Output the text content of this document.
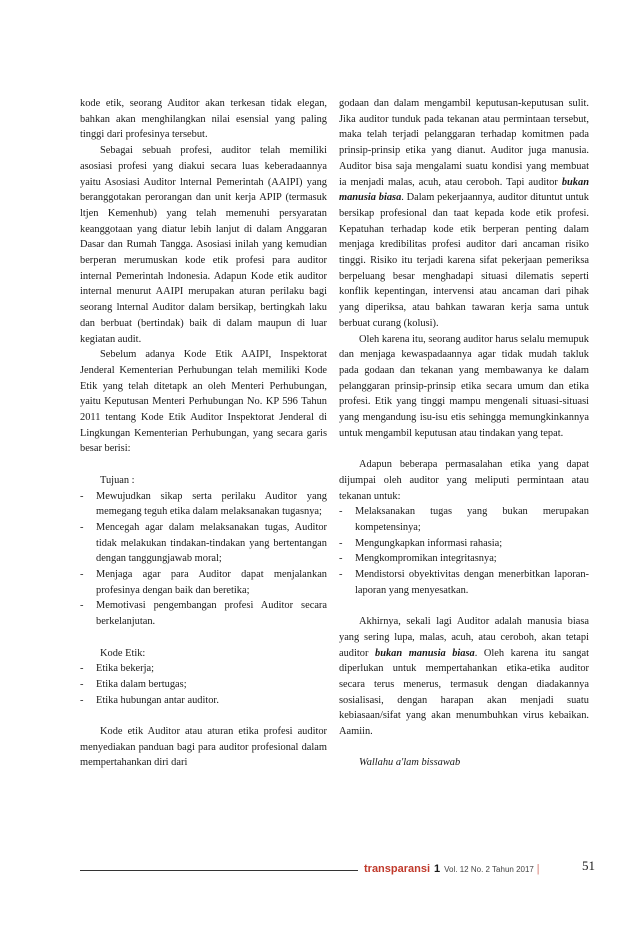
kode etik, seorang Auditor akan terkesan tidak elegan, bahkan akan menghilangkan nilai esensial yang paling tinggi dari profesinya tersebut.

Sebagai sebuah profesi, auditor telah memiliki asosiasi profesi yang diakui secara luas keberadaannya yaitu Asosiasi Auditor lnternal Pemerintah (AAIPI) yang beranggotakan perorangan dan unit kerja APIP (termasuk ltjen Kemenhub) yang telah memenuhi persyaratan keanggotaan yang diatur lebih lanjut di dalam Anggaran Dasar dan Rumah Tangga. Asosiasi inilah yang kemudian berperan merumuskan kode etik profesi para auditor internal Pemerintah lndonesia. Adapun Kode etik auditor internal menurut AAIPI merupakan aturan perilaku bagi seorang lnternal Auditor dalam bersikap, bertingkah laku dan berbuat (bertindak) baik di dalam maupun di luar kegiatan audit.

Sebelum adanya Kode Etik AAIPI, Inspektorat Jenderal Kementerian Perhubungan telah memiliki Kode Etik yang telah ditetapk an oleh Menteri Perhubungan, yaitu Keputusan Menteri Perhubungan No. KP 596 Tahun 2011 tentang Kode Etik Auditor Inspektorat Jenderal di Lingkungan Kementerian Perhubungan, yang secara garis besar berisi:

Tujuan :
- Mewujudkan sikap serta perilaku Auditor yang memegang teguh etika dalam melaksanakan tugasnya;
- Mencegah agar dalam melaksanakan tugas, Auditor tidak melakukan tindakan-tindakan yang bertentangan dengan tanggungjawab moral;
- Menjaga agar para Auditor dapat menjalankan profesinya dengan baik dan beretika;
- Memotivasi pengembangan profesi Auditor secara berkelanjutan.
Kode Etik:
- Etika bekerja;
- Etika dalam bertugas;
- Etika hubungan antar auditor.

Kode etik Auditor atau aturan etika profesi auditor menyediakan panduan bagi para auditor profesional dalam mempertahankan diri dari

godaan dan dalam mengambil keputusan-keputusan sulit. Jika auditor tunduk pada tekanan atau permintaan tersebut, maka telah terjadi pelanggaran terhadap komitmen pada prinsip-prinsip etika yang dianut. Auditor juga manusia. Auditor bisa saja mengalami suatu kondisi yang membuat ia menjadi malas, acuh, atau ceroboh. Tapi auditor bukan manusia biasa. Dalam pekerjaannya, auditor dituntut untuk bersikap profesional dan taat kepada kode etik profesi. Kepatuhan terhadap kode etik berperan penting dalam menjaga kredibilitas profesi auditor dari ancaman risiko tinggi. Risiko itu terjadi karena sifat pekerjaan pemeriksa berpeluang besar menghadapi situasi dilematis seperti konflik kepentingan, intervensi atau ancaman dari pihak yang diperiksa, atau bahkan tawaran kerja sama untuk berbuat curang (kolusi).

Oleh karena itu, seorang auditor harus selalu memupuk dan menjaga kewaspadaannya agar tidak mudah takluk pada godaan dan tekanan yang membawanya ke dalam pelanggaran prinsip-prinsip etika secara umum dan etika profesi. Etik yang tinggi mampu mengenali situasi-situasi yang mengandung isu-isu etis sehingga memungkinkannya untuk mengambil keputusan atau tindakan yang tepat.

Adapun beberapa permasalahan etika yang dapat dijumpai oleh auditor yang meliputi permintaan atau tekanan untuk:

- Melaksanakan tugas yang bukan merupakan kompetensinya;
- Mengungkapkan informasi rahasia;
- Mengkompromikan integritasnya;
- Mendistorsi obyektivitas dengan menerbitkan laporan-laporan yang menyesatkan.

Akhirnya, sekali lagi Auditor adalah manusia biasa yang sering lupa, malas, acuh, atau ceroboh, akan tetapi auditor bukan manusia biasa. Oleh karena itu sangat diperlukan untuk mempertahankan etika-etika auditor secara terus menerus, termasuk dengan diadakannya sosialisasi, dengan harapan akan menjadi suatu kebiasaan/sifat yang akan menumbuhkan virus kebaikan. Aamiin.

Wallahu a'lam bissawab

transparansi 1 Vol. 12 No. 2 Tahun 2017 |	51
